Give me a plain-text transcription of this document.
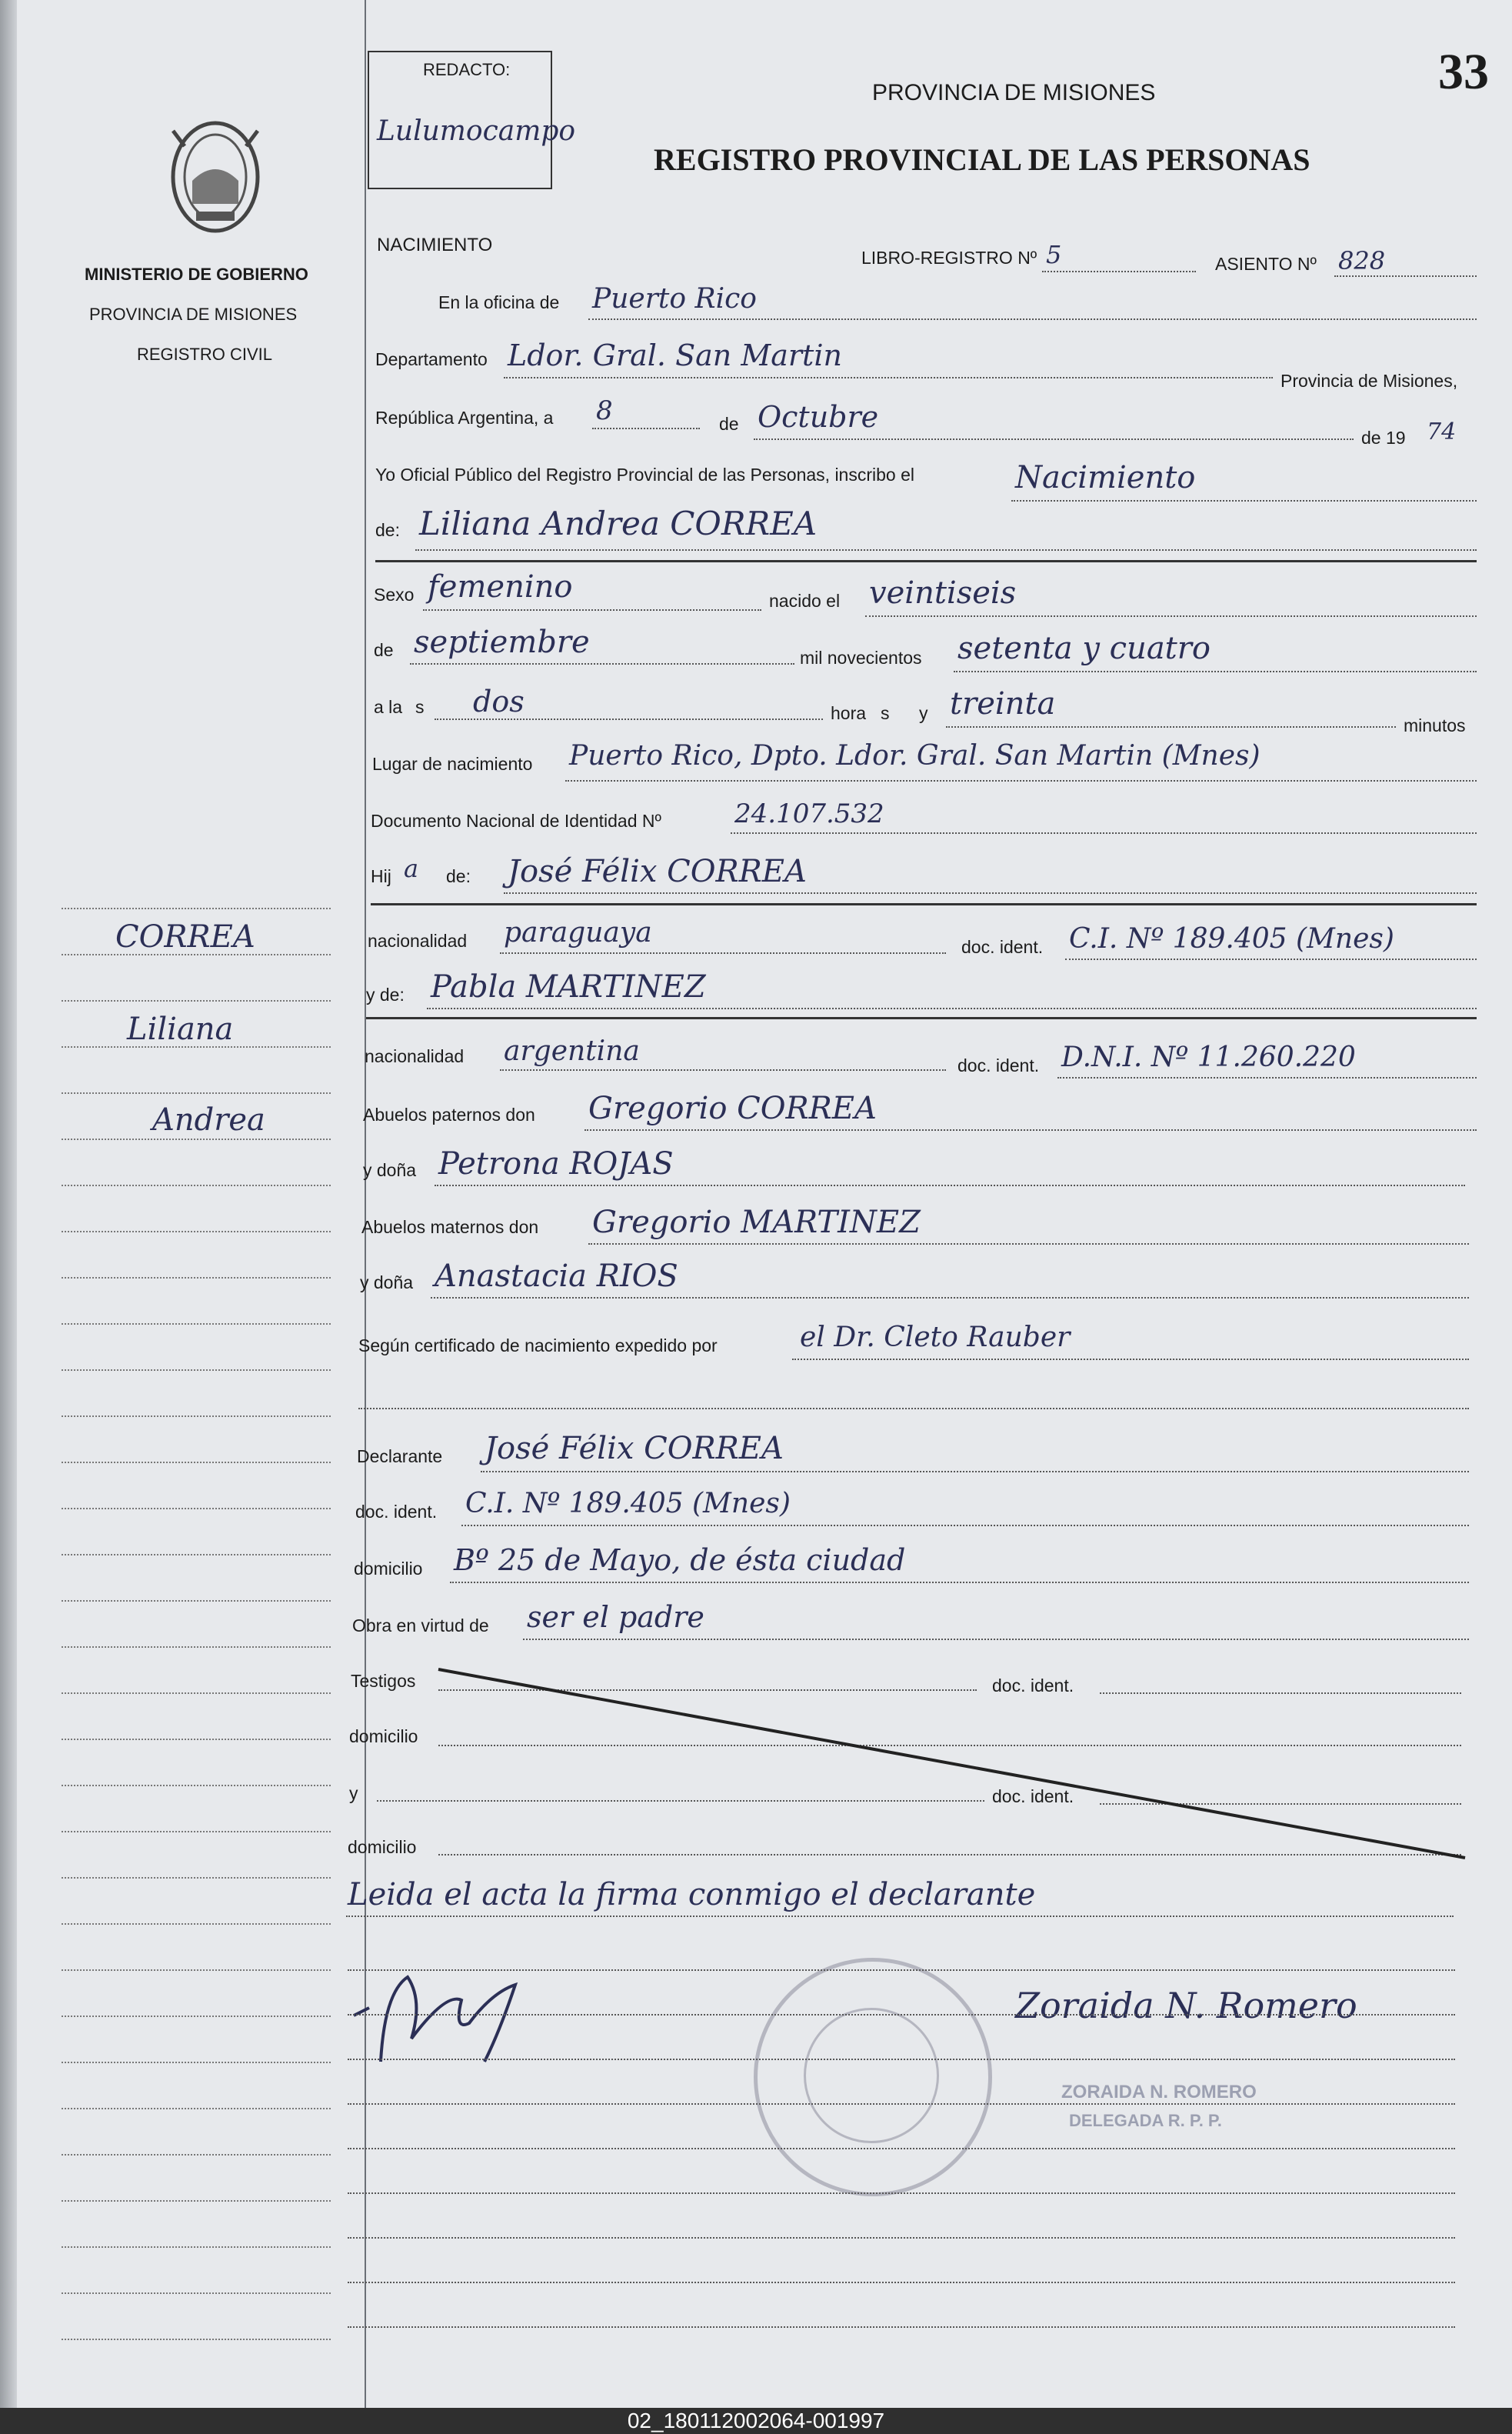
MINISTERIO DE GOBIERNO
PROVINCIA DE MISIONES
REGISTRO CIVIL
CORREA
Liliana
Andrea
REDACTO:
Lulumocampo
33
PROVINCIA DE MISIONES
REGISTRO PROVINCIAL DE LAS PERSONAS
NACIMIENTO
LIBRO-REGISTRO Nº 5	ASIENTO Nº 828
En la oficina de Puerto Rico
Departamento Ldor. Gral. San Martin
Provincia de Misiones,
República Argentina, a 8	de Octubre
de 19 74
Yo Oficial Público del Registro Provincial de las Personas, inscribo el	Nacimiento
de: Liliana Andrea CORREA
Sexo femenino	nacido el veintiseis
de septiembre	mil novecientos setenta y cuatro
a la s dos	hora s y treinta
minutos
Lugar de nacimiento Puerto Rico, Dpto. Ldor. Gral. San Martin (Mnes)
Documento Nacional de Identidad Nº	24.107.532
Hij a de: José Félix CORREA
nacionalidad paraguaya	doc. ident. C.I. Nº 189.405 (Mnes)
y de: Pabla MARTINEZ
nacionalidad argentina	doc. ident. D.N.I. Nº 11.260.220
Abuelos paternos don Gregorio CORREA
y doña Petrona ROJAS
Abuelos maternos don Gregorio MARTINEZ
y doña Anastacia RIOS
Según certificado de nacimiento expedido por	el Dr. Cleto Rauber
Declarante José Félix CORREA
doc. ident. C.I. Nº 189.405 (Mnes)
domicilio Bº 25 de Mayo, de ésta ciudad
Obra en virtud de ser el padre
Testigos	doc. ident.
domicilio
y	doc. ident.
domicilio
Leida el acta la firma conmigo el declarante
Zoraida N. Romero
ZORAIDA N. ROMERO
DELEGADA R. P. P.
02_180112002064-001997
